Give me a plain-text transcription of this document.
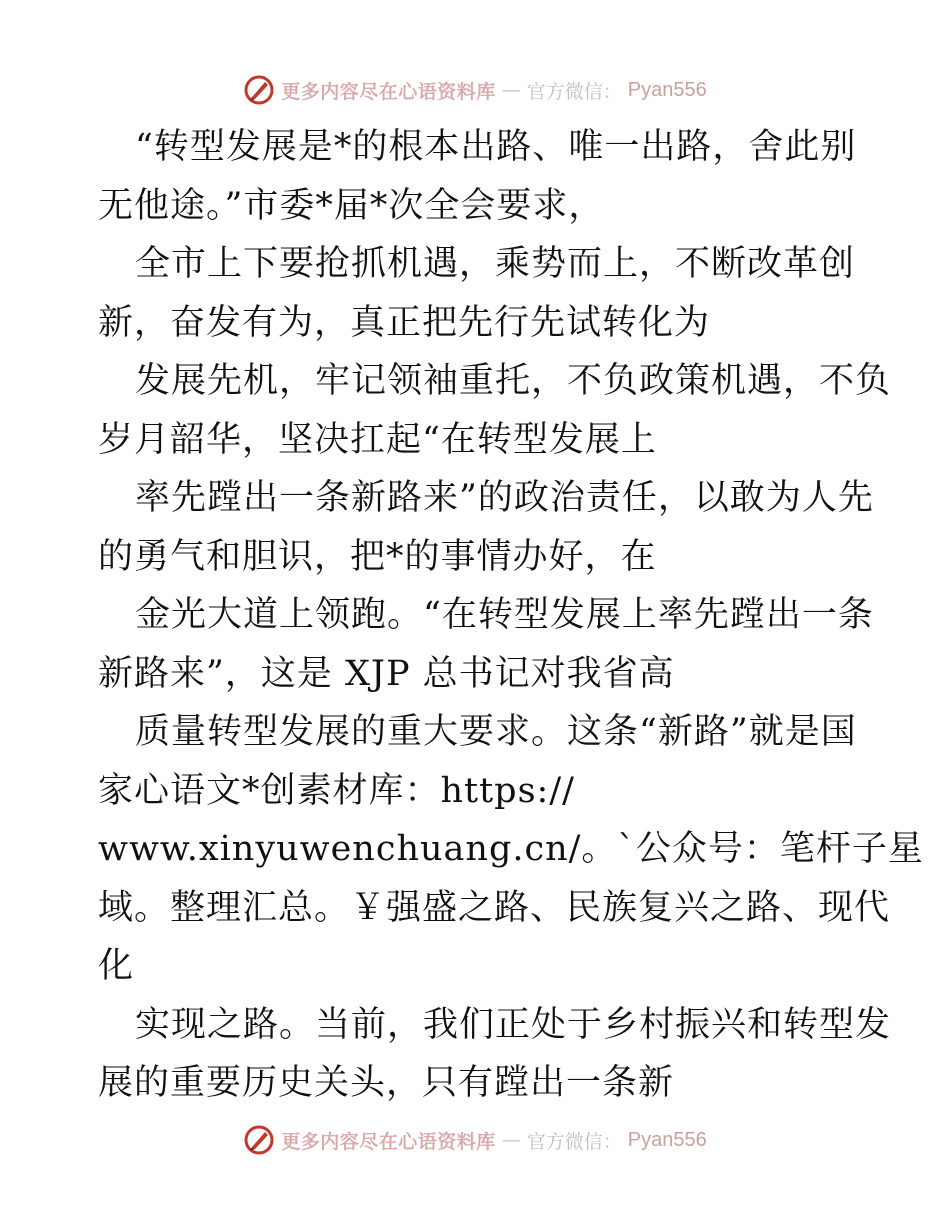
更多内容尽在心语资料库 — 官方微信： Pyan556
“转型发展是*的根本出路、唯一出路，舍此别
无他途。”市委*届*次全会要求，
全市上下要抢抓机遇，乘势而上，不断改革创
新，奋发有为，真正把先行先试转化为
发展先机，牢记领袖重托，不负政策机遇，不负
岁月韶华，坚决扛起“在转型发展上
率先蹚出一条新路来”的政治责任，以敢为人先
的勇气和胆识，把*的事情办好，在
金光大道上领跑。“在转型发展上率先蹚出一条
新路来”，这是 XJP 总书记对我省高
质量转型发展的重大要求。这条“新路”就是国
家心语文*创素材库：https://
www.xinyuwenchuang.cn/。`公众号：笔杆子星
域。整理汇总。￥强盛之路、民族复兴之路、现代
化
实现之路。当前，我们正处于乡村振兴和转型发
展的重要历史关头，只有蹚出一条新
更多内容尽在心语资料库 — 官方微信： Pyan556
